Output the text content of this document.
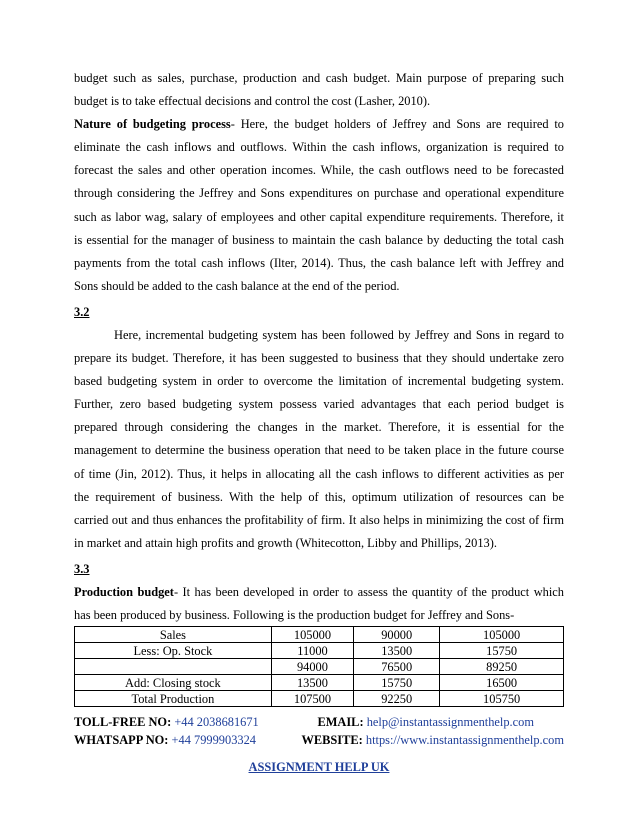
budget such as sales, purchase, production and cash budget. Main purpose of preparing such
budget is to take effectual decisions and control the cost (Lasher, 2010).
Nature of budgeting process- Here, the budget holders of Jeffrey and Sons are required to
eliminate the cash inflows and outflows. Within the cash inflows, organization is required to
forecast the sales and other operation incomes. While, the cash outflows need to be forecasted
through considering the Jeffrey and Sons expenditures on purchase and operational expenditure
such as labor wag, salary of employees and other capital expenditure requirements. Therefore, it
is essential for the manager of business to maintain the cash balance by deducting the total cash
payments from the total cash inflows (Ilter, 2014). Thus, the cash balance left with Jeffrey and
Sons should be added to the cash balance at the end of the period.
3.2
Here, incremental budgeting system has been followed by Jeffrey and Sons in regard to
prepare its budget. Therefore, it has been suggested to business that they should undertake zero
based budgeting system in order to overcome the limitation of incremental budgeting system.
Further, zero based budgeting system possess varied advantages that each period budget is
prepared through considering the changes in the market. Therefore, it is essential for the
management to determine the business operation that need to be taken place in the future course
of time (Jin, 2012). Thus, it helps in allocating all the cash inflows to different activities as per
the requirement of business. With the help of this, optimum utilization of resources can be
carried out and thus enhances the profitability of firm. It also helps in minimizing the cost of firm
in market and attain high profits and growth (Whitecotton, Libby and Phillips, 2013).
3.3
Production budget- It has been developed in order to assess the quantity of the product which
has been produced by business. Following is the production budget for Jeffrey and Sons-
Sales	105000	90000	105000
Less: Op. Stock	11000	13500	15750
	94000	76500	89250
Add: Closing stock	13500	15750	16500
Total Production	107500	92250	105750
TOLL-FREE NO: +44 2038681671	EMAIL: help@instantassignmenthelp.com
WHATSAPP NO: +44 7999903324	WEBSITE: https://www.instantassignmenthelp.com
ASSIGNMENT HELP UK
